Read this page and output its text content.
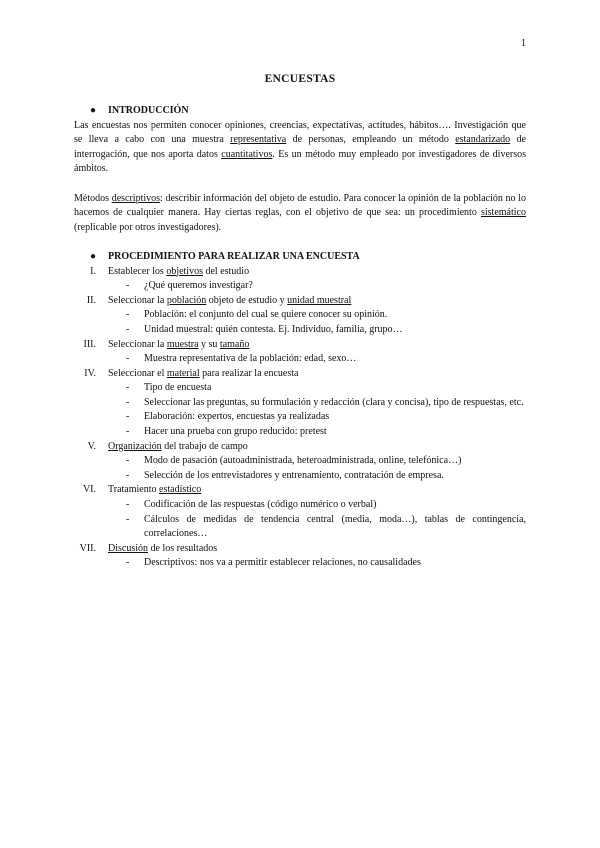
1
ENCUESTAS
● INTRODUCCIÓN

Las encuestas nos permiten conocer opiniones, creencias, expectativas, actitudes, hábitos…. Investigación que se lleva a cabo con una muestra representativa de personas, empleando un método estandarizado de interrogación, que nos aporta datos cuantitativos. Es un método muy empleado por investigadores de diversos ámbitos.

Métodos descriptivos: describir información del objeto de estudio. Para conocer la opinión de la población no lo hacemos de cualquier manera. Hay ciertas reglas, con el objetivo de que sea: un procedimiento sistemático (replicable por otros investigadores).

● PROCEDIMIENTO PARA REALIZAR UNA ENCUESTA
I. Establecer los objetivos del estudio
- ¿Qué queremos investigar?
II. Seleccionar la población objeto de estudio y unidad muestral
- Población: el conjunto del cual se quiere conocer su opinión.
- Unidad muestral: quién contesta. Ej. Individuo, familia, grupo…
III. Seleccionar la muestra y su tamaño
- Muestra representativa de la población: edad, sexo…
IV. Seleccionar el material para realizar la encuesta
- Tipo de encuesta
- Seleccionar las preguntas, su formulación y redacción (clara y concisa), tipo de respuestas, etc.
- Elaboración: expertos, encuestas ya realizadas
- Hacer una prueba con grupo reducido: pretest
V. Organización del trabajo de campo
- Modo de pasación (autoadministrada, heteroadministrada, online, telefónica…)
- Selección de los entrevistadores y entrenamiento, contratación de empresa.
VI. Tratamiento estadístico
- Codificación de las respuestas (código numérico o verbal)
- Cálculos de medidas de tendencia central (media, moda…), tablas de contingencia, correlaciones…
VII. Discusión de los resultados
- Descriptivos: nos va a permitir establecer relaciones, no causalidades
